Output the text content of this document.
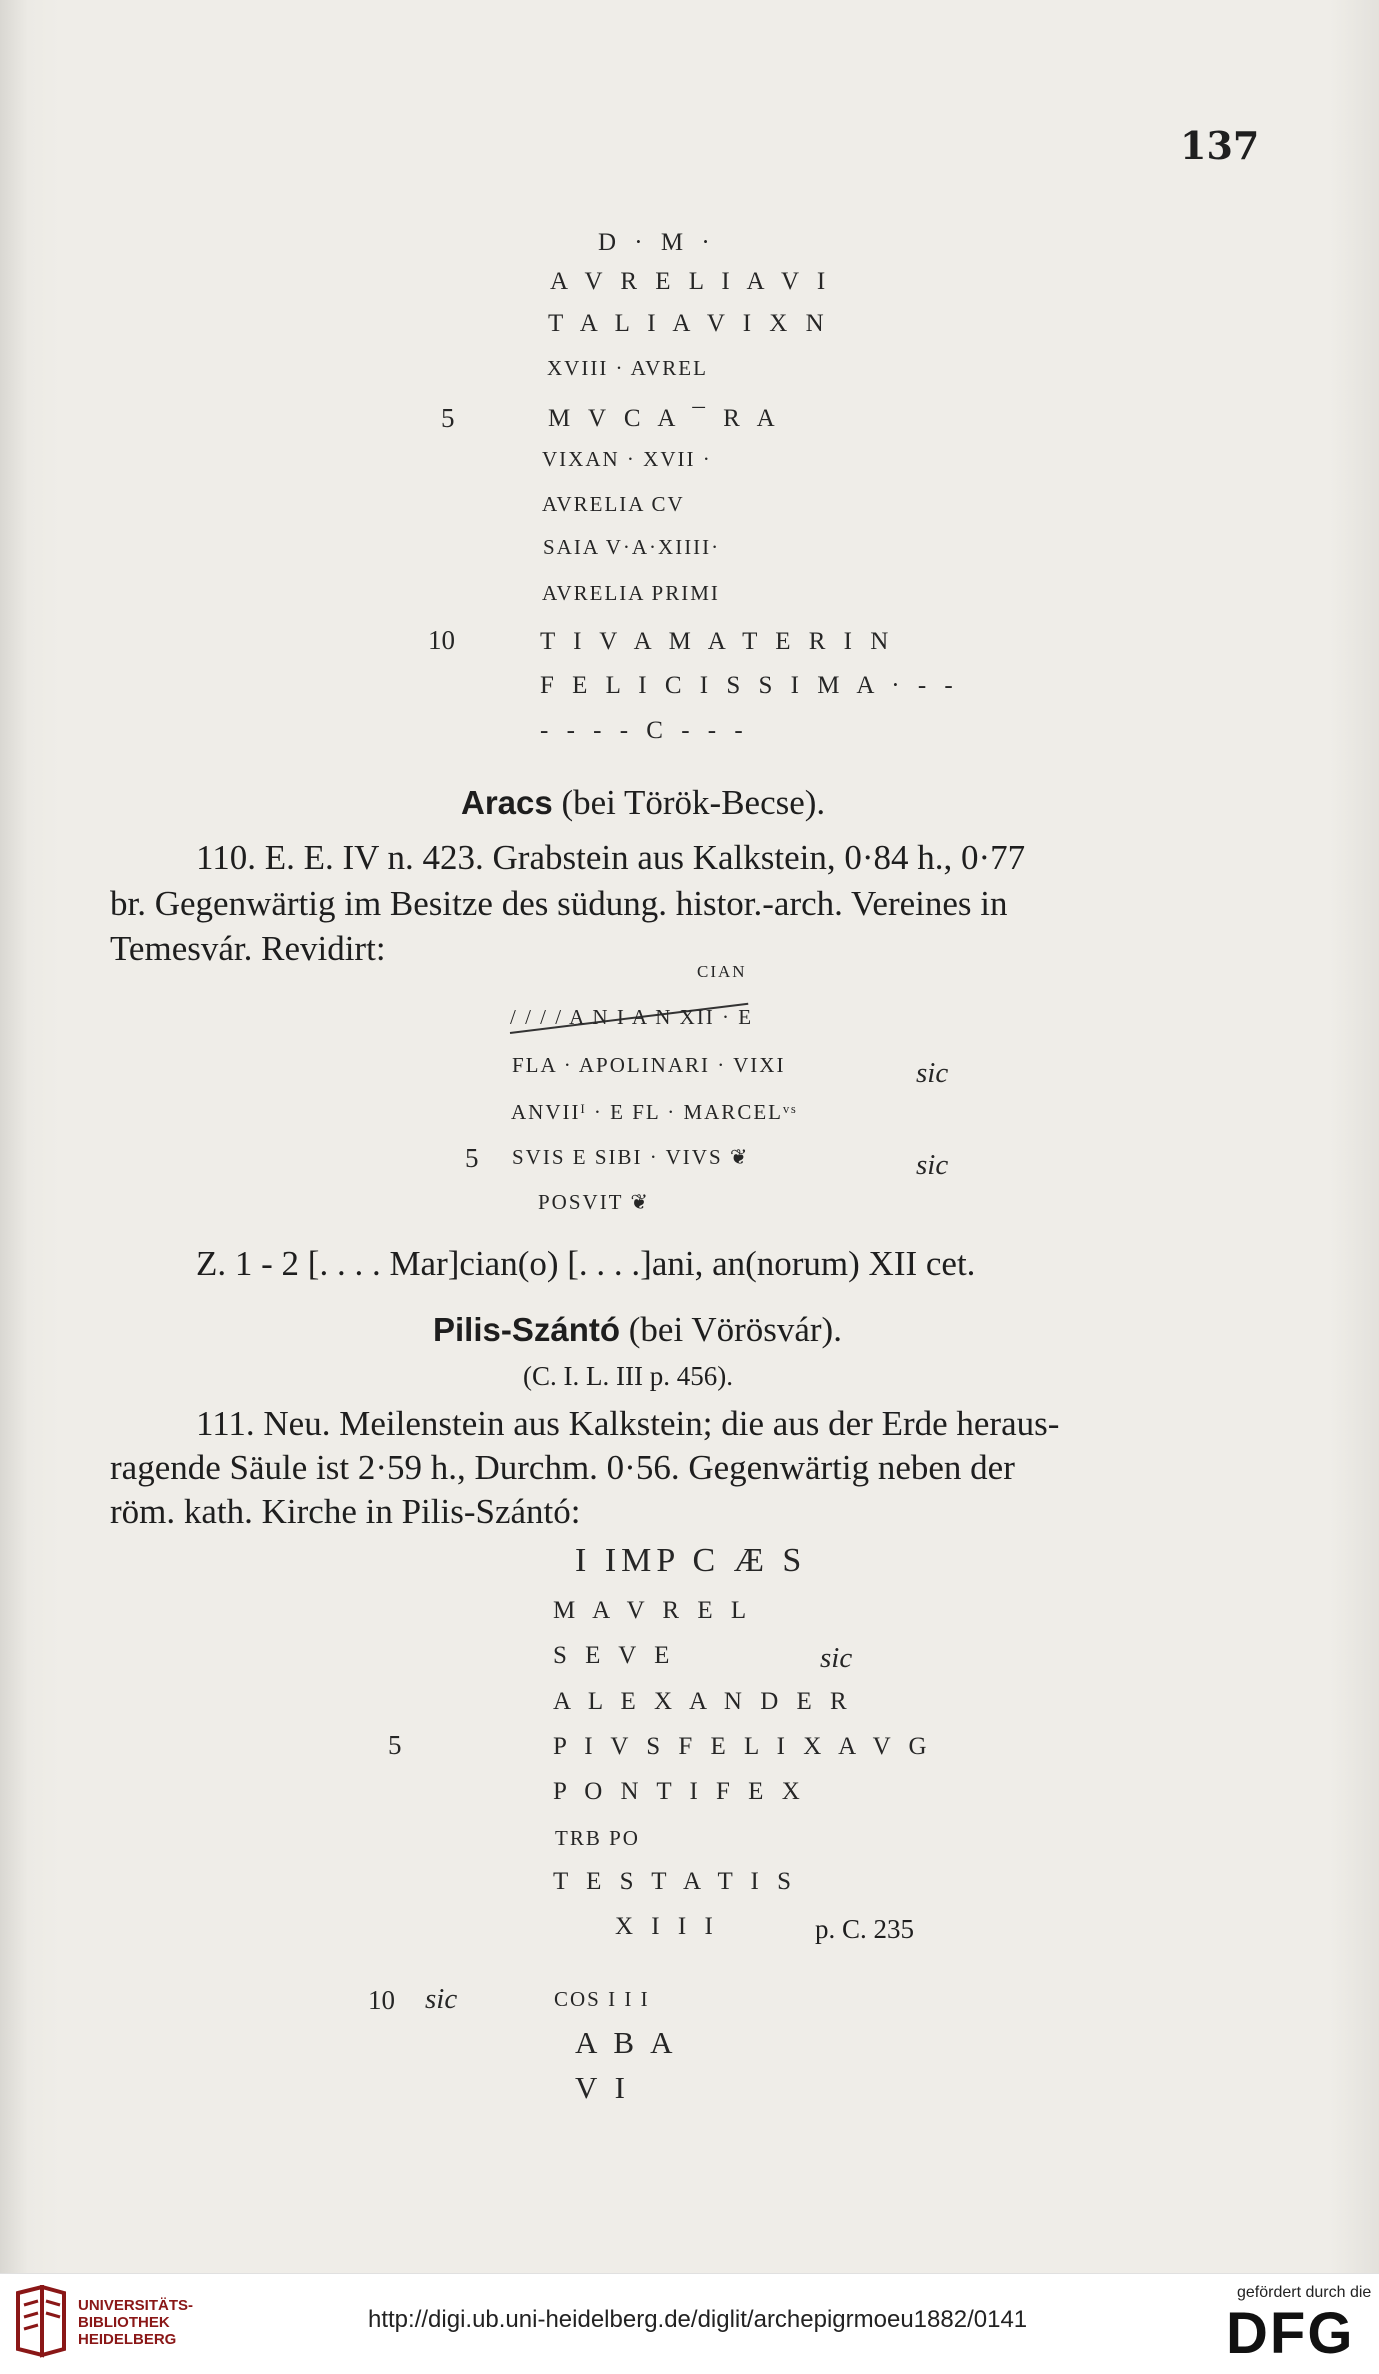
137
D · M ·
A V R E L I A V I
T A L I A V I X N
XVIII · AVREL
5	M V C A ¯ R A
VIXAN · XVII ·
AVRELIA CV
SAIA V·A·XIIII·
AVRELIA PRIMI
10	T I V A M A T E R I N
F E L I C I S S I M A · - -
- - - - C - - -
Aracs (bei Török-Becse).
110. E. E. IV n. 423. Grabstein aus Kalkstein, 0·84 h., 0·77
br. Gegenwärtig im Besitze des südung. histor.-arch. Vereines in
Temesvár. Revidirt:
CIAN
/ / / / A N I A N XII · E
FLA · APOLINARI · VIXI	sic
ANVIIᴵ · E FL · MARCELᵛˢ
5 SVIS E SIBI · VIVS ❦	sic
POSVIT ❦
Z. 1 - 2 [. . . . Mar]cian(o) [. . . .]ani, an(norum) XII cet.
Pilis-Szántó (bei Vörösvár).
(C. I. L. III p. 456).
111. Neu. Meilenstein aus Kalkstein; die aus der Erde heraus-
ragende Säule ist 2·59 h., Durchm. 0·56. Gegenwärtig neben der
röm. kath. Kirche in Pilis-Szántó:
I IMP C Æ S
M A V R E L
S E V E	sic
A L E X A N D E R
5	P I V S F E L I X A V G
P O N T I F E X
TRB PO
T E S T A T I S
X I I I	p. C. 235
10 sic	COS I I I
A B A
V I
UNIVERSITÄTS-
BIBLIOTHEK
HEIDELBERG
http://digi.ub.uni-heidelberg.de/diglit/archepigrmoeu1882/0141
gefördert durch die
DFG
